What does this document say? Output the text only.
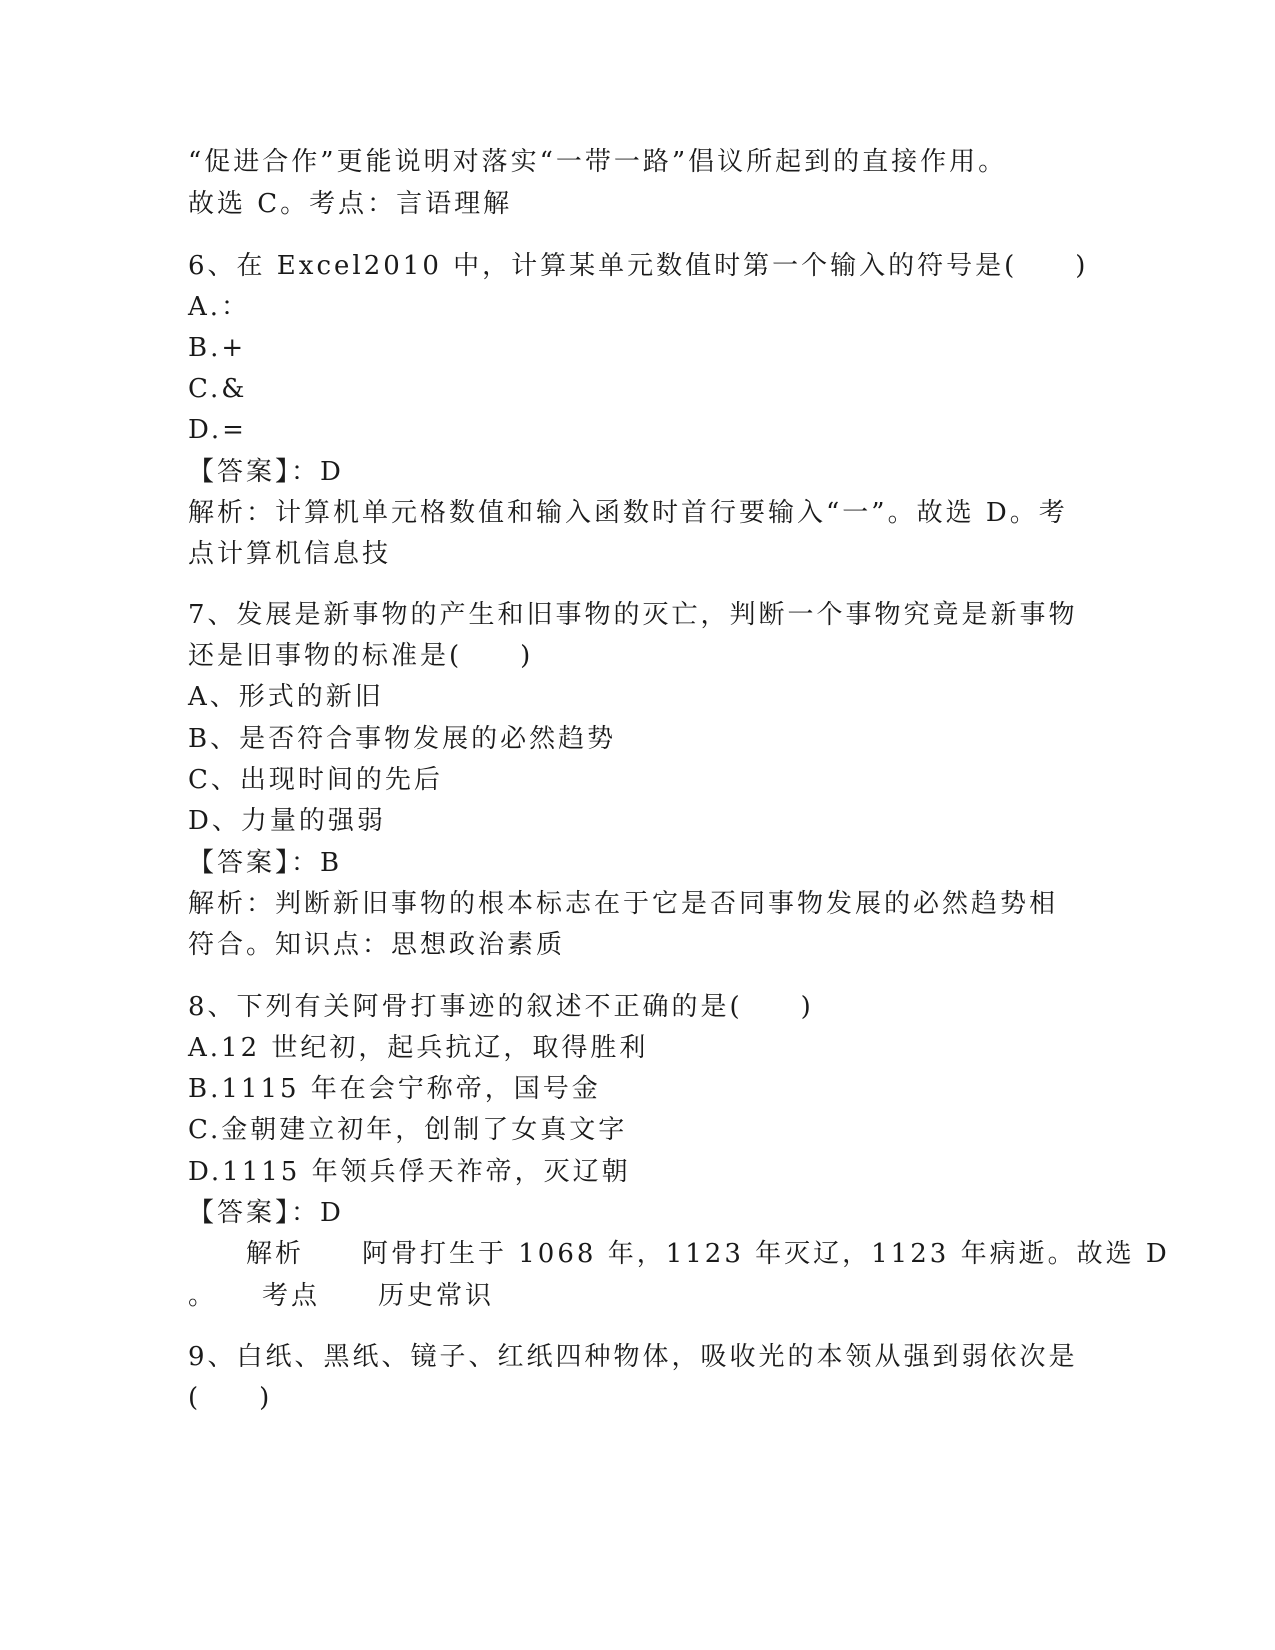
“促进合作”更能说明对落实“一带一路”倡议所起到的直接作用。
故选 C。考点：言语理解
6、在 Excel2010 中，计算某单元数值时第一个输入的符号是(　　)
A.：
B.+
C.&
D.=
【答案】：D
解析：计算机单元格数值和输入函数时首行要输入“一”。故选 D。考
点计算机信息技
7、发展是新事物的产生和旧事物的灭亡，判断一个事物究竟是新事物
还是旧事物的标准是(　　)
A、形式的新旧
B、是否符合事物发展的必然趋势
C、出现时间的先后
D、力量的强弱
【答案】：B
解析：判断新旧事物的根本标志在于它是否同事物发展的必然趋势相
符合。知识点：思想政治素质
8、下列有关阿骨打事迹的叙述不正确的是(　　)
A.12 世纪初，起兵抗辽，取得胜利
B.1115 年在会宁称帝，国号金
C.金朝建立初年，创制了女真文字
D.1115 年领兵俘天祚帝，灭辽朝
【答案】：D
　　解析　　阿骨打生于 1068 年，1123 年灭辽，1123 年病逝。故选 D
。　　考点　　历史常识
9、白纸、黑纸、镜子、红纸四种物体，吸收光的本领从强到弱依次是
(　　)
